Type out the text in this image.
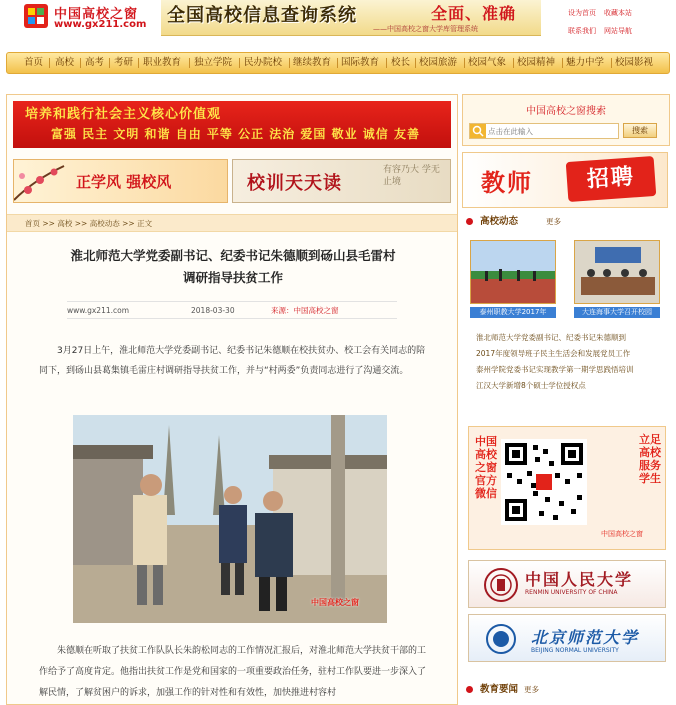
中国高校之窗
www.gx211.com 全国高校信息查询系统	全面、准确
——中国高校之窗大学库管理系统
设为首页 收藏本站
联系我们 网站导航
首页 高校 高考 考研 职业教育 独立学院 民办院校 继续教育 国际教育 校长 校园旅游 校园气象 校园精神 魅力中学 校园影视
培养和践行社会主义核心价值观
富强 民主 文明 和谐 自由 平等 公正 法治 爱国 敬业 诚信 友善
正学风 强校风	校训天天读
有容乃大 学无止境
首页 >> 高校 >> 高校动态 >> 正文
淮北师范大学党委副书记、纪委书记朱德顺到砀山县毛雷村
调研指导扶贫工作
www.gx211.com	2018-03-30	来源：中国高校之窗

3月27日上午，淮北师范大学党委副书记、纪委书记朱德顺在校扶贫办、校工会有关同志的陪同下，到砀山县葛集镇毛雷庄村调研指导扶贫工作，并与“村两委”负责同志进行了沟通交流。

中国高校之窗

朱德顺在听取了扶贫工作队队长朱韵松同志的工作情况汇报后，对淮北师范大学扶贫干部的工作给予了高度肯定。他指出扶贫工作是党和国家的一项重要政治任务，驻村工作队要进一步深入了解民情，了解贫困户的诉求，加强工作的针对性和有效性，加快推进村容村

中国高校之窗搜索
点击在此输入
搜索
教师	招聘
高校动态	更多
泰州职教大学2017年	大连海事大学召开校园
淮北师范大学党委副书记、纪委书记朱德顺到
2017年度领导班子民主生活会和发展党员工作
泰州学院党委书记实现教学第一期学思践悟培训
江汉大学新增8个硕士学位授权点
中国高校之窗官方微信
立足高校 服务学生
中国高校之窗
中国人民大学
RENMIN UNIVERSITY OF CHINA
北京师范大学
BEIJING NORMAL UNIVERSITY
教育要闻 更多
